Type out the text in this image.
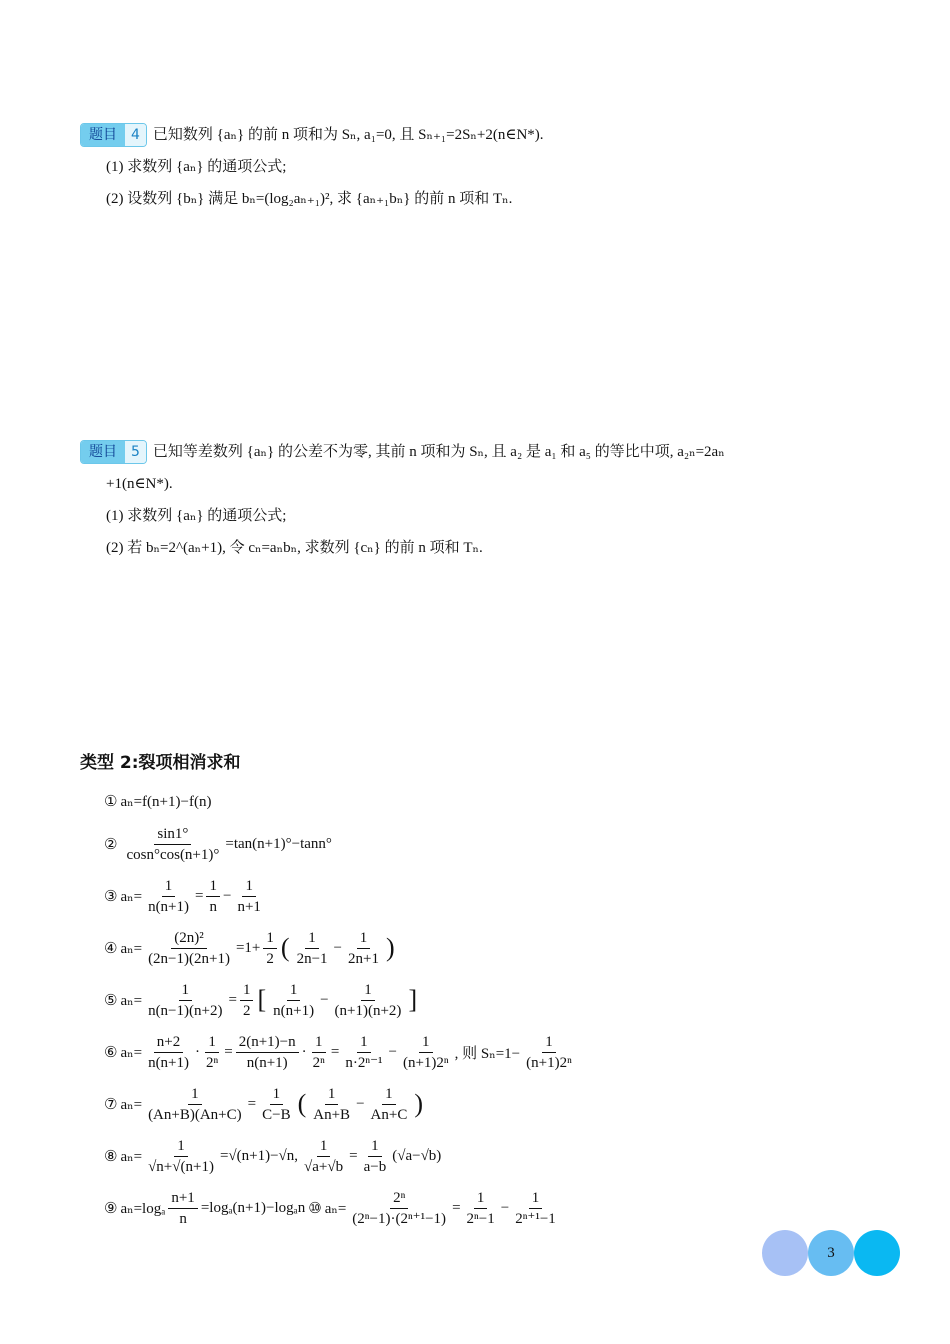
题目	4 已知数列 {aₙ} 的前 n 项和为 Sₙ, a₁=0, 且 Sₙ₊₁=2Sₙ+2(n∈N*).
(1) 求数列 {aₙ} 的通项公式;
(2) 设数列 {bₙ} 满足 bₙ=(log₂aₙ₊₁)², 求 {aₙ₊₁bₙ} 的前 n 项和 Tₙ.
题目	5 已知等差数列 {aₙ} 的公差不为零, 其前 n 项和为 Sₙ, 且 a₂ 是 a₁ 和 a₅ 的等比中项, a₂ₙ=2aₙ
+1(n∈N*).
(1) 求数列 {aₙ} 的通项公式;
(2) 若 bₙ=2^(aₙ+1), 令 cₙ=aₙbₙ, 求数列 {cₙ} 的前 n 项和 Tₙ.
类型 2:裂项相消求和
① aₙ=f(n+1)−f(n)
② $\frac{\sin 1^\circ}{\cos n^\circ\cos(n+1)^\circ} =\tan(n+1)^\circ-\tan n^\circ$
③ $a_n= \frac{1}{n(n+1)} = \frac{1}{n} - \frac{1}{n+1}$
④ $a_n= \frac{\text{(2n)²}}{(2n-1)(2n+1)} =1+ \frac{1}{2}$ ( $\frac{1}{2n-1} - \frac{1}{2n+1}$ )
⑤ $a_n= \frac{1}{n(n-1)(n+2)} = \frac{1}{2}$ [ $\frac{1}{n(n+1)} - \frac{1}{(n+1)(n+2)}$ ]
⑥ $a_n= \frac{n+2}{n(n+1)} \cdot \frac{1}{\text{2ⁿ}} = \frac{2(n+1)-n}{n(n+1)} \cdot \frac{1}{\text{2ⁿ}} = \frac{1}{\text{n·2ⁿ⁻¹}} - \frac{1}{\text{(n+1)2ⁿ}}$ , 则 $S_n=1- \frac{1}{\text{(n+1)2ⁿ}}$
⑦ $a_n= \frac{1}{(An+B)(An+C)} = \frac{1}{C-B}$ ( $\frac{1}{An+B} - \frac{1}{An+C}$ )
⑧ $a_n= \frac{1}{√n+√(n+1)} =√(n+1)-√n$, $\frac{1}{√a+√b} = \frac{1}{a-b} (√a-√b)$
⑨ $a_n=\log_a \frac{n+1}{n} =\log_a(n+1)-\log_an$ ⑩ $a_n= \frac{\text{2ⁿ}}{\text{(2ⁿ−1)·(2ⁿ⁺¹−1)}} = \frac{1}{\text{2ⁿ−1}} - \frac{1}{\text{2ⁿ⁺¹−1}}$
3
